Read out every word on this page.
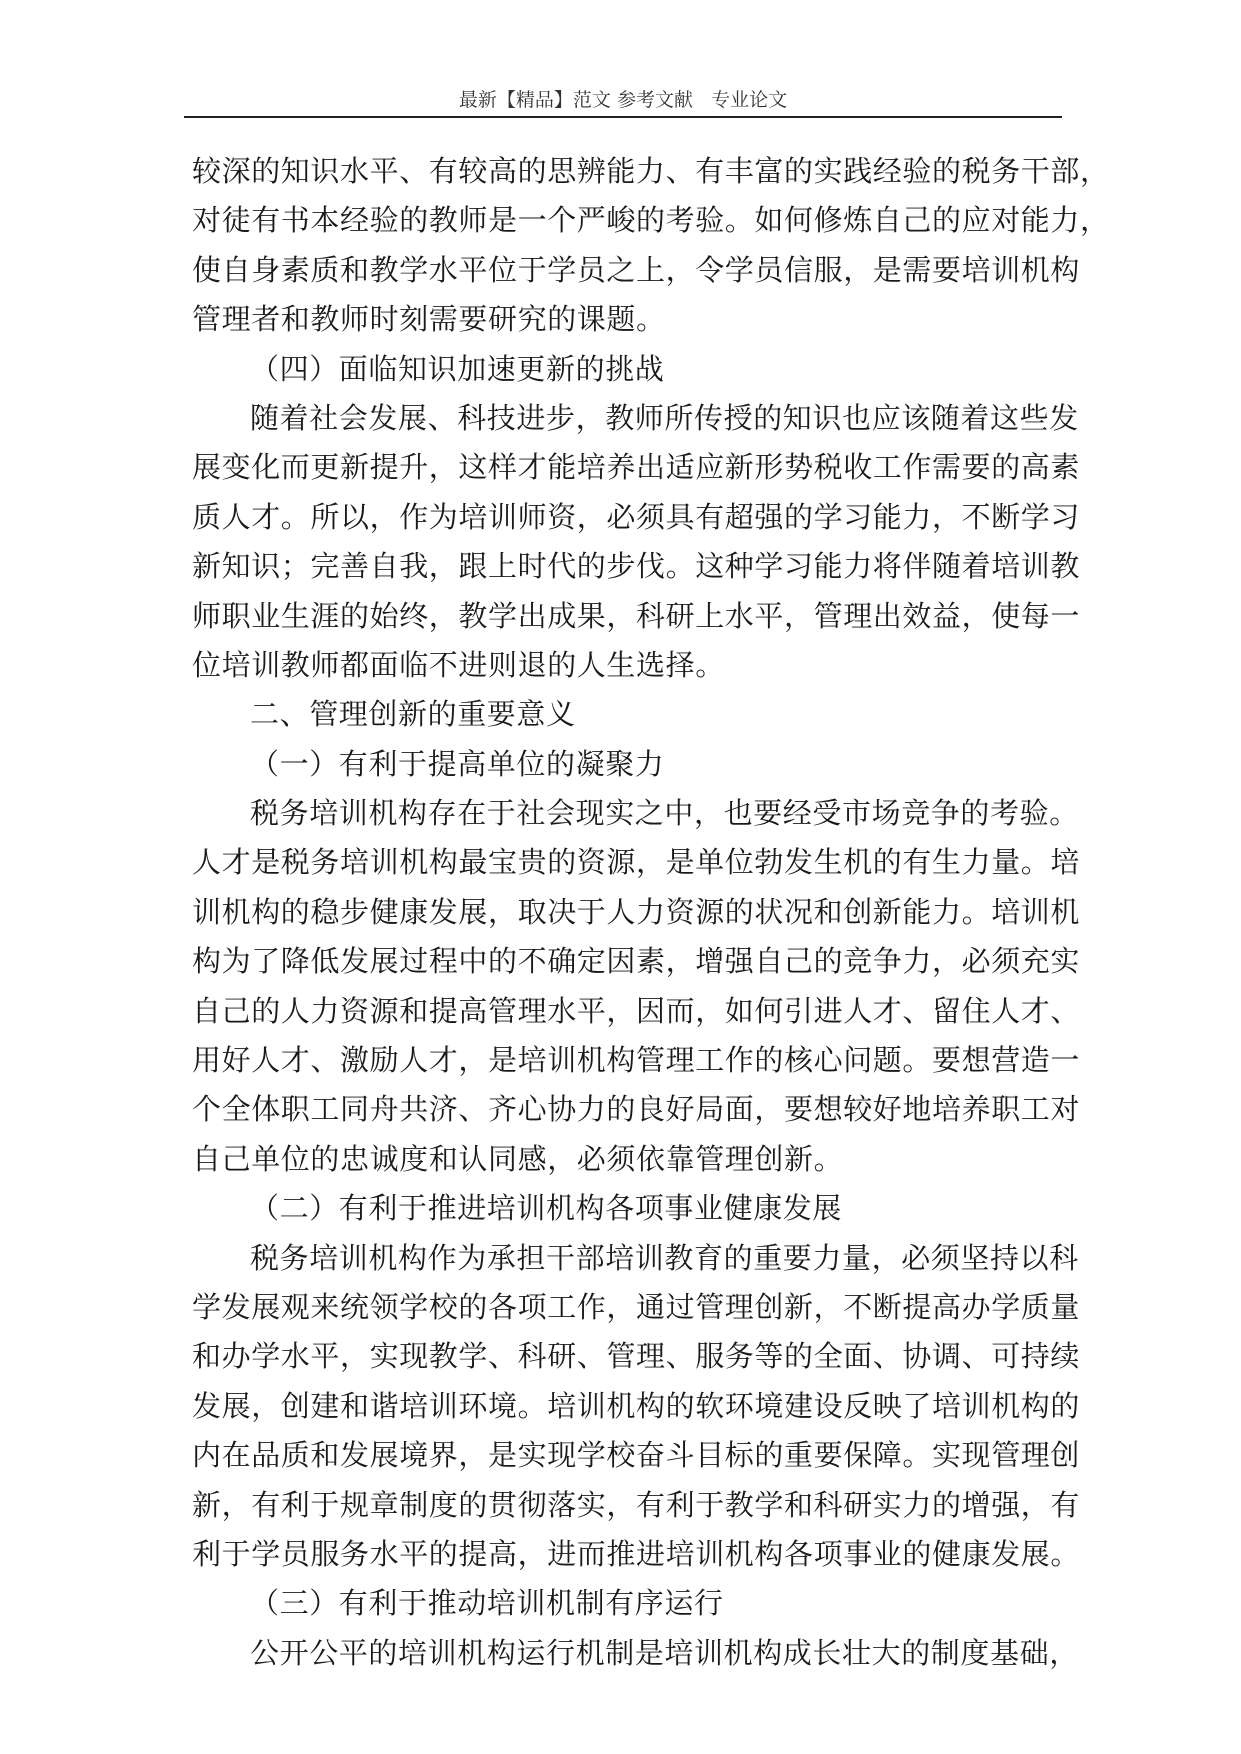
最新【精品】范文 参考文献   专业论文
较深的知识水平、有较高的思辨能力、有丰富的实践经验的税务干部，
对徒有书本经验的教师是一个严峻的考验。如何修炼自己的应对能力，
使自身素质和教学水平位于学员之上，令学员信服，是需要培训机构
管理者和教师时刻需要研究的课题。
（四）面临知识加速更新的挑战
随着社会发展、科技进步，教师所传授的知识也应该随着这些发
展变化而更新提升，这样才能培养出适应新形势税收工作需要的高素
质人才。所以，作为培训师资，必须具有超强的学习能力，不断学习
新知识；完善自我，跟上时代的步伐。这种学习能力将伴随着培训教
师职业生涯的始终，教学出成果，科研上水平，管理出效益，使每一
位培训教师都面临不进则退的人生选择。
二、管理创新的重要意义
（一）有利于提高单位的凝聚力
税务培训机构存在于社会现实之中，也要经受市场竞争的考验。
人才是税务培训机构最宝贵的资源，是单位勃发生机的有生力量。培
训机构的稳步健康发展，取决于人力资源的状况和创新能力。培训机
构为了降低发展过程中的不确定因素，增强自己的竞争力，必须充实
自己的人力资源和提高管理水平，因而，如何引进人才、留住人才、
用好人才、激励人才，是培训机构管理工作的核心问题。要想营造一
个全体职工同舟共济、齐心协力的良好局面，要想较好地培养职工对
自己单位的忠诚度和认同感，必须依靠管理创新。
（二）有利于推进培训机构各项事业健康发展
税务培训机构作为承担干部培训教育的重要力量，必须坚持以科
学发展观来统领学校的各项工作，通过管理创新，不断提高办学质量
和办学水平，实现教学、科研、管理、服务等的全面、协调、可持续
发展，创建和谐培训环境。培训机构的软环境建设反映了培训机构的
内在品质和发展境界，是实现学校奋斗目标的重要保障。实现管理创
新，有利于规章制度的贯彻落实，有利于教学和科研实力的增强，有
利于学员服务水平的提高，进而推进培训机构各项事业的健康发展。
（三）有利于推动培训机制有序运行
公开公平的培训机构运行机制是培训机构成长壮大的制度基础，
